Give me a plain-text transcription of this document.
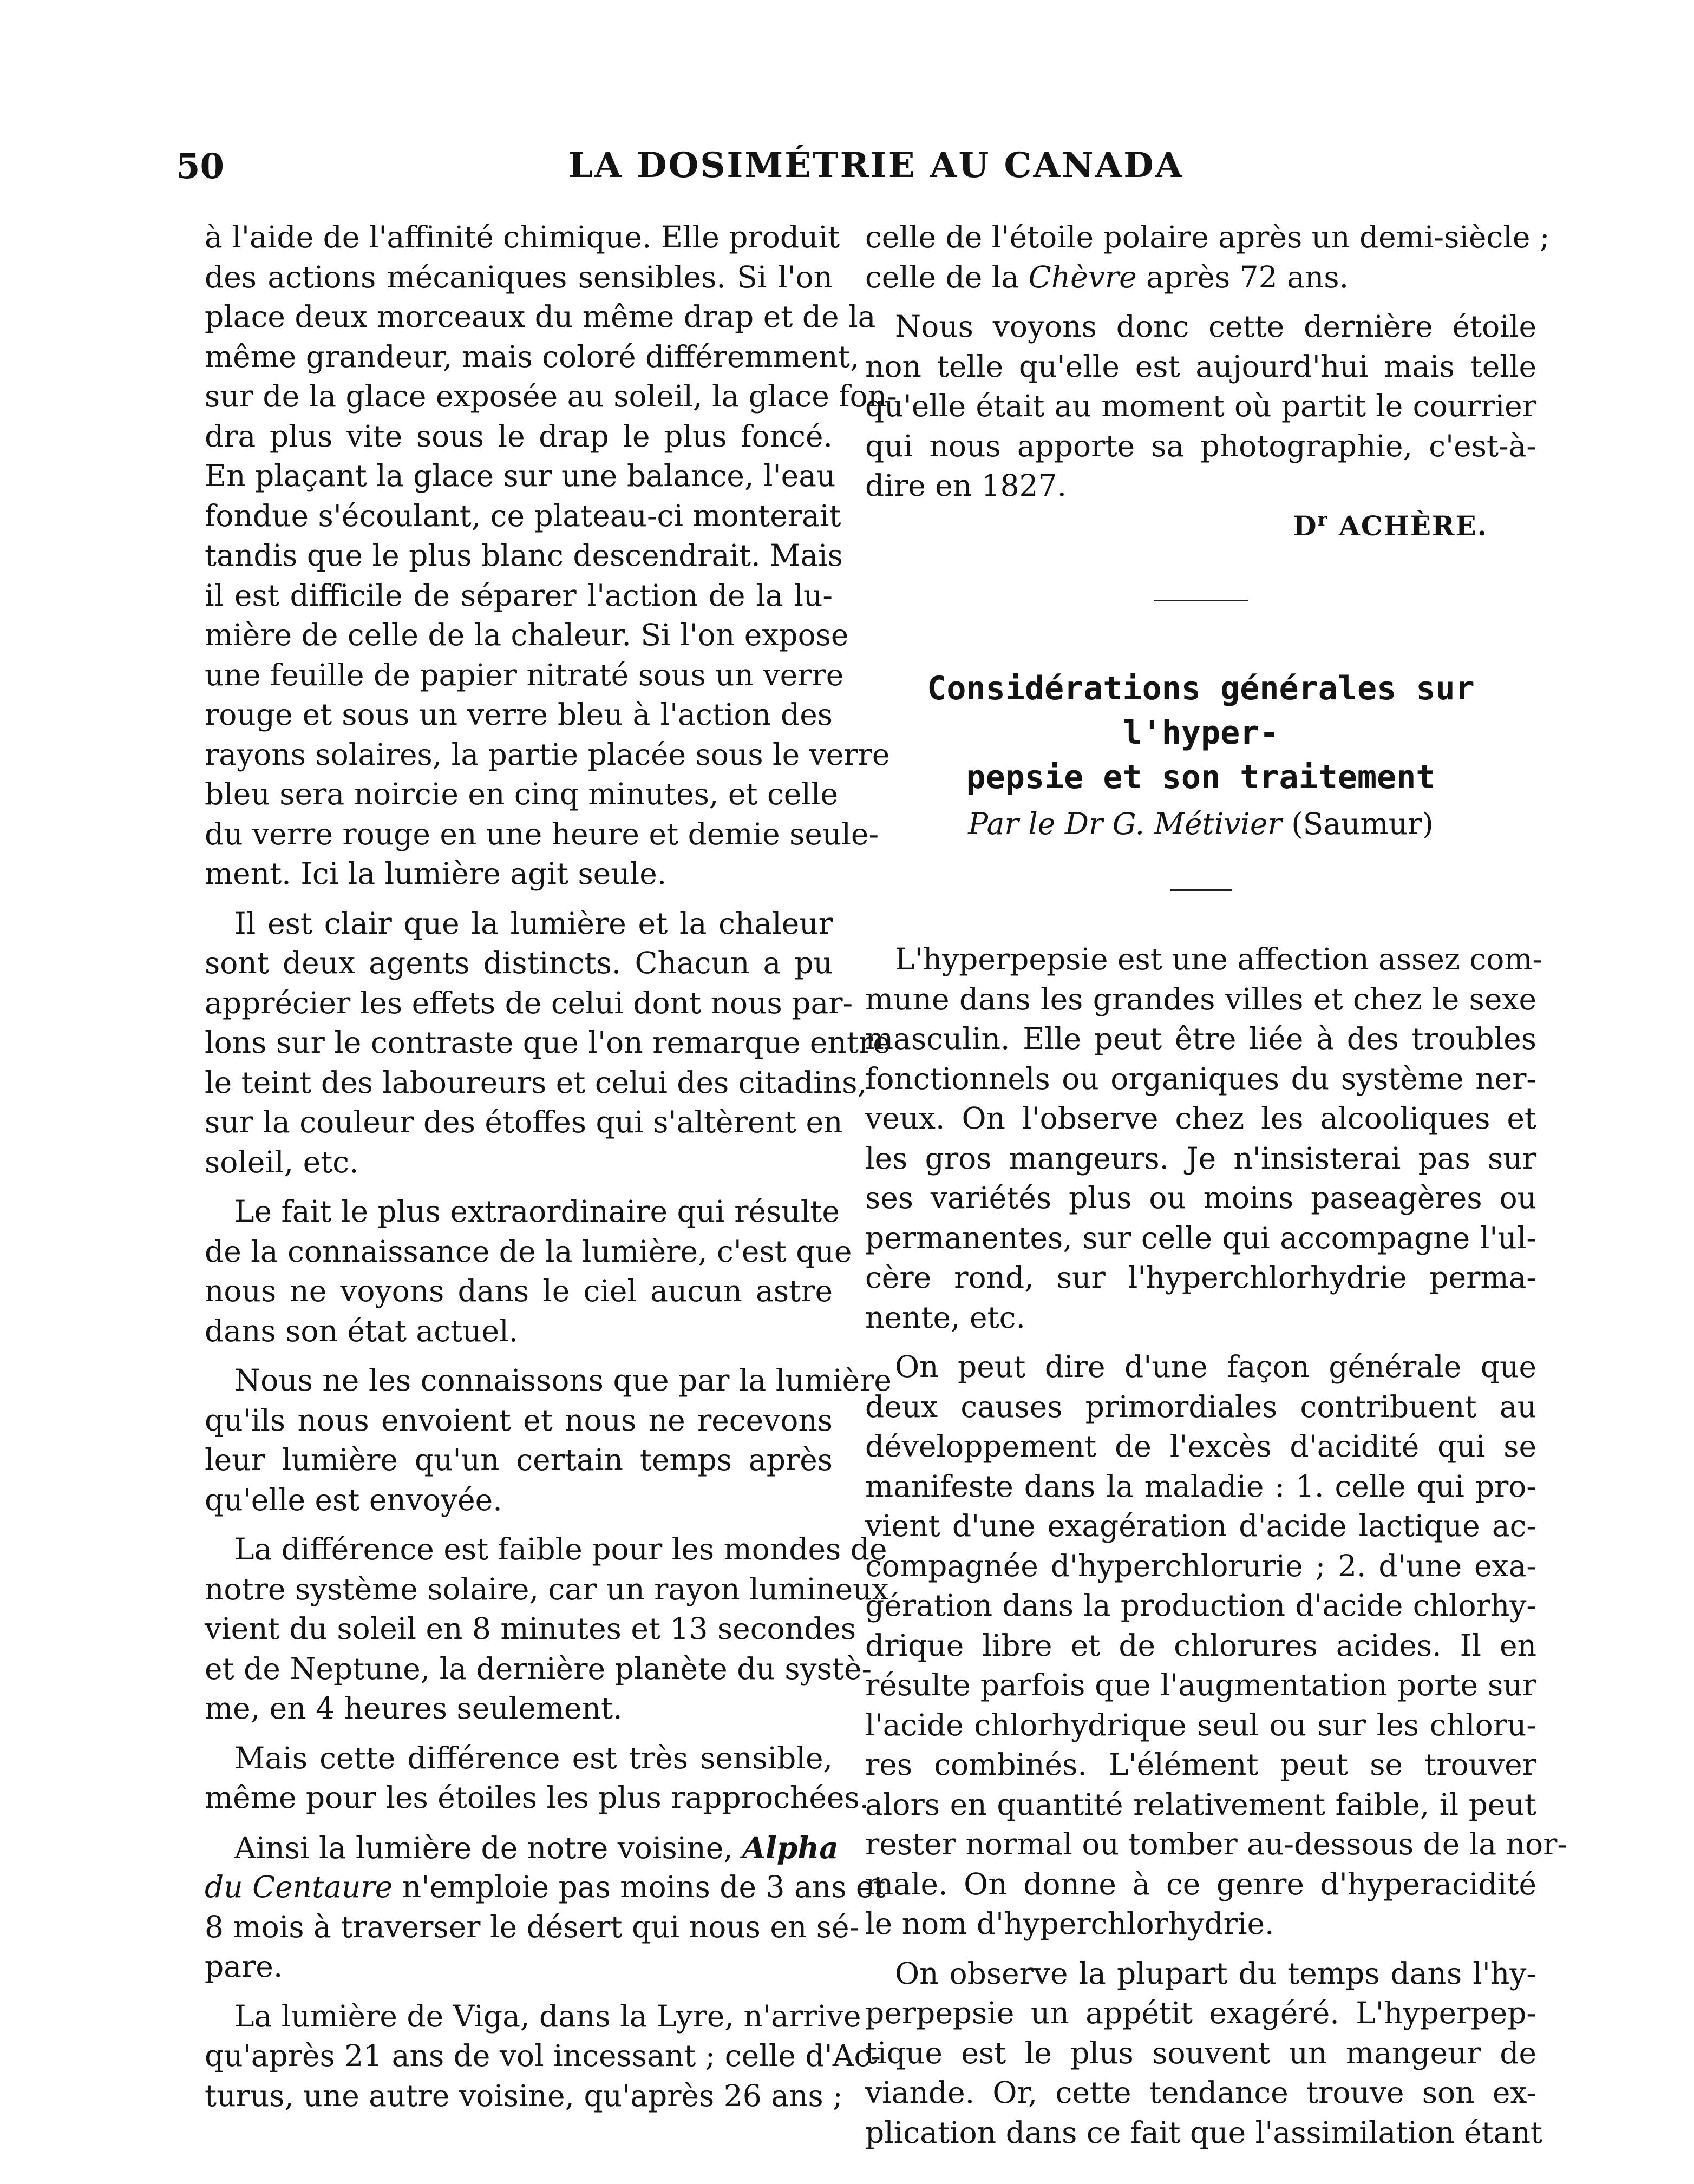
50	LA DOSIMÉTRIE AU CANADA
à l'aide de l'affinité chimique. Elle produit
des actions mécaniques sensibles. Si l'on
place deux morceaux du même drap et de la
même grandeur, mais coloré différemment,
sur de la glace exposée au soleil, la glace fon-
dra plus vite sous le drap le plus foncé.
En plaçant la glace sur une balance, l'eau
fondue s'écoulant, ce plateau-ci monterait
tandis que le plus blanc descendrait. Mais
il est difficile de séparer l'action de la lu-
mière de celle de la chaleur. Si l'on expose
une feuille de papier nitraté sous un verre
rouge et sous un verre bleu à l'action des
rayons solaires, la partie placée sous le verre
bleu sera noircie en cinq minutes, et celle
du verre rouge en une heure et demie seule-
ment. Ici la lumière agit seule.
Il est clair que la lumière et la chaleur
sont deux agents distincts. Chacun a pu
apprécier les effets de celui dont nous par-
lons sur le contraste que l'on remarque entre
le teint des laboureurs et celui des citadins,
sur la couleur des étoffes qui s'altèrent en
soleil, etc.
Le fait le plus extraordinaire qui résulte
de la connaissance de la lumière, c'est que
nous ne voyons dans le ciel aucun astre
dans son état actuel.
Nous ne les connaissons que par la lumière
qu'ils nous envoient et nous ne recevons
leur lumière qu'un certain temps après
qu'elle est envoyée.
La différence est faible pour les mondes de
notre système solaire, car un rayon lumineux
vient du soleil en 8 minutes et 13 secondes
et de Neptune, la dernière planète du systè-
me, en 4 heures seulement.
Mais cette différence est très sensible,
même pour les étoiles les plus rapprochées.
Ainsi la lumière de notre voisine, Alpha
du Centaure n'emploie pas moins de 3 ans et
8 mois à traverser le désert qui nous en sé-
pare.
La lumière de Viga, dans la Lyre, n'arrive
qu'après 21 ans de vol incessant ; celle d'Ac-
turus, une autre voisine, qu'après 26 ans ;
celle de l'étoile polaire après un demi-siècle ;
celle de la Chèvre après 72 ans.
Nous voyons donc cette dernière étoile
non telle qu'elle est aujourd'hui mais telle
qu'elle était au moment où partit le courrier
qui nous apporte sa photographie, c'est-à-
dire en 1827.
$D^r$ ACHÈRE.
Considérations générales sur l'hyper-
pepsie et son traitement
Par le Dr G. Métivier (Saumur)
L'hyperpepsie est une affection assez com-
mune dans les grandes villes et chez le sexe
masculin. Elle peut être liée à des troubles
fonctionnels ou organiques du système ner-
veux. On l'observe chez les alcooliques et
les gros mangeurs. Je n'insisterai pas sur
ses variétés plus ou moins paseagères ou
permanentes, sur celle qui accompagne l'ul-
cère rond, sur l'hyperchlorhydrie perma-
nente, etc.
On peut dire d'une façon générale que
deux causes primordiales contribuent au
développement de l'excès d'acidité qui se
manifeste dans la maladie : 1. celle qui pro-
vient d'une exagération d'acide lactique ac-
compagnée d'hyperchlorurie ; 2. d'une exa-
gération dans la production d'acide chlorhy-
drique libre et de chlorures acides. Il en
résulte parfois que l'augmentation porte sur
l'acide chlorhydrique seul ou sur les chloru-
res combinés. L'élément peut se trouver
alors en quantité relativement faible, il peut
rester normal ou tomber au-dessous de la nor-
male. On donne à ce genre d'hyperacidité
le nom d'hyperchlorhydrie.
On observe la plupart du temps dans l'hy-
perpepsie un appétit exagéré. L'hyperpep-
tique est le plus souvent un mangeur de
viande. Or, cette tendance trouve son ex-
plication dans ce fait que l'assimilation étant
